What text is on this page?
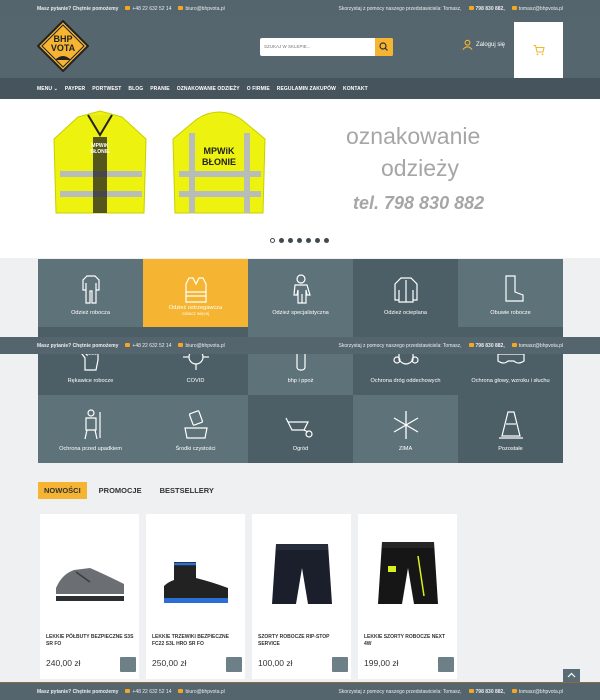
Masz pytanie? Chętnie pomożemy	+48 22 632 52 14	biuro@bhpvota.pl	Skorzystaj z pomocy naszego przedstawiciela: Tomasz,	798 830 882,	tomasz@bhpvota.pl
BHP
VOTA	SZUKAJ W SKLEPIE...	Zaloguj się
MENU ⌄ PAYPER PORTWEST BLOG PRANIE OZNAKOWANIE ODZIEŻY O FIRMIE REGULAMIN ZAKUPÓW KONTAKT
MPWiK
BŁONIE	MPWiK
BŁONIE
oznakowanie
odzieży
tel. 798 830 882
Odzież robocza
Odzież ostrzegawcza
zobacz więcej	Odzież specjalistyczna	Odzież ocieplana	Obuwie robocze
Rękawice robocze	COVID	bhp i ppoż	Ochrona dróg oddechowych	Ochrona głowy, wzroku i słuchu
Ochrona przed upadkiem	Środki czystości	Ogród	ZIMA	Pozostałe
Masz pytanie? Chętnie pomożemy	+48 22 632 52 14	biuro@bhpvota.pl	Skorzystaj z pomocy naszego przedstawiciela: Tomasz,	798 830 882,	tomasz@bhpvota.pl
NOWOŚCI	PROMOCJE	BESTSELLERY
LEKKIE PÓŁBUTY BEZPIECZNE S3S SR FO
240,00 zł
LEKKIE TRZEWIKI BEZPIECZNE FC22 S3L HRO SR FO
250,00 zł
SZORTY ROBOCZE RIP-STOP SERVICE
100,00 zł
LEKKIE SZORTY ROBOCZE NEXT 4W
199,00 zł
Masz pytanie? Chętnie pomożemy	+48 22 632 52 14	biuro@bhpvota.pl	Skorzystaj z pomocy naszego przedstawiciela: Tomasz,	798 830 882,	tomasz@bhpvota.pl
